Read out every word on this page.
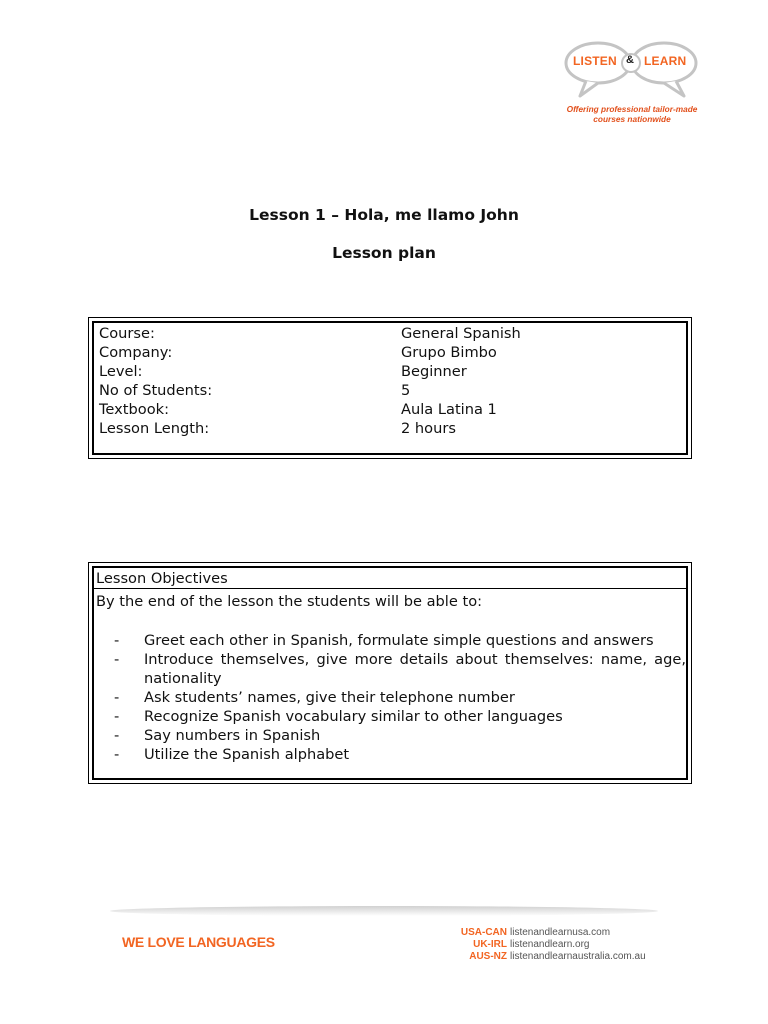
LISTEN & LEARN
Offering professional tailor-made
courses nationwide
Lesson 1 – Hola, me llamo John
Lesson plan
Course:	General Spanish
Company:	Grupo Bimbo
Level:	Beginner
No of Students:	5
Textbook:	Aula Latina 1
Lesson Length:	2 hours
Lesson Objectives
By the end of the lesson the students will be able to:
- Greet each other in Spanish, formulate simple questions and answers
- Introduce themselves, give more details about themselves: name, age, nationality
- Ask students’ names, give their telephone number
- Recognize Spanish vocabulary similar to other languages
- Say numbers in Spanish
- Utilize the Spanish alphabet
WE LOVE LANGUAGES
USA-CAN listenandlearnusa.com
UK-IRL listenandlearn.org
AUS-NZ listenandlearnaustralia.com.au
